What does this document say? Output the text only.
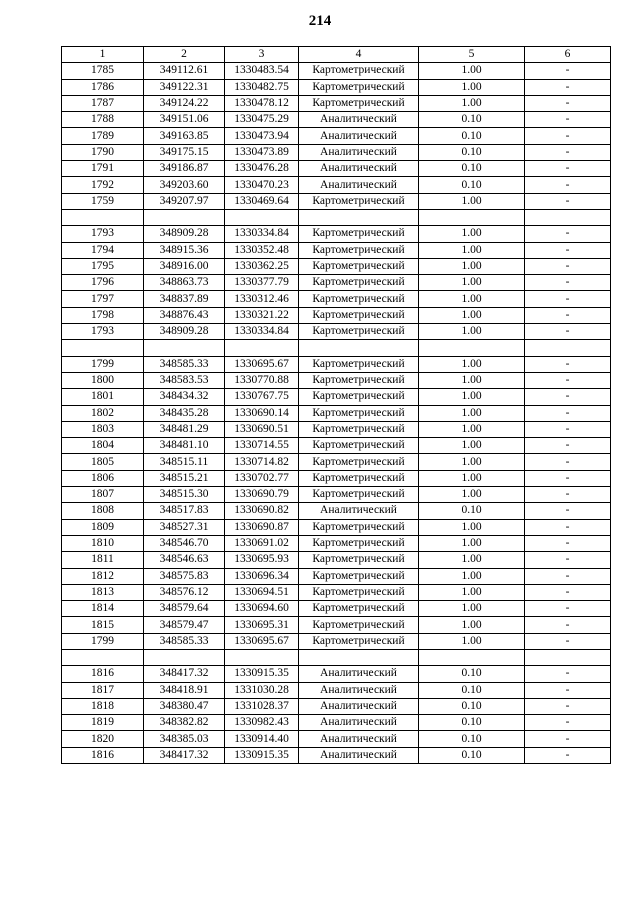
214
1	2	3	4	5	6
1785	349112.61	1330483.54	Картометрический	1.00	-
1786	349122.31	1330482.75	Картометрический	1.00	-
1787	349124.22	1330478.12	Картометрический	1.00	-
1788	349151.06	1330475.29	Аналитический	0.10	-
1789	349163.85	1330473.94	Аналитический	0.10	-
1790	349175.15	1330473.89	Аналитический	0.10	-
1791	349186.87	1330476.28	Аналитический	0.10	-
1792	349203.60	1330470.23	Аналитический	0.10	-
1759	349207.97	1330469.64	Картометрический	1.00	-

1793	348909.28	1330334.84	Картометрический	1.00	-
1794	348915.36	1330352.48	Картометрический	1.00	-
1795	348916.00	1330362.25	Картометрический	1.00	-
1796	348863.73	1330377.79	Картометрический	1.00	-
1797	348837.89	1330312.46	Картометрический	1.00	-
1798	348876.43	1330321.22	Картометрический	1.00	-
1793	348909.28	1330334.84	Картометрический	1.00	-

1799	348585.33	1330695.67	Картометрический	1.00	-
1800	348583.53	1330770.88	Картометрический	1.00	-
1801	348434.32	1330767.75	Картометрический	1.00	-
1802	348435.28	1330690.14	Картометрический	1.00	-
1803	348481.29	1330690.51	Картометрический	1.00	-
1804	348481.10	1330714.55	Картометрический	1.00	-
1805	348515.11	1330714.82	Картометрический	1.00	-
1806	348515.21	1330702.77	Картометрический	1.00	-
1807	348515.30	1330690.79	Картометрический	1.00	-
1808	348517.83	1330690.82	Аналитический	0.10	-
1809	348527.31	1330690.87	Картометрический	1.00	-
1810	348546.70	1330691.02	Картометрический	1.00	-
1811	348546.63	1330695.93	Картометрический	1.00	-
1812	348575.83	1330696.34	Картометрический	1.00	-
1813	348576.12	1330694.51	Картометрический	1.00	-
1814	348579.64	1330694.60	Картометрический	1.00	-
1815	348579.47	1330695.31	Картометрический	1.00	-
1799	348585.33	1330695.67	Картометрический	1.00	-

1816	348417.32	1330915.35	Аналитический	0.10	-
1817	348418.91	1331030.28	Аналитический	0.10	-
1818	348380.47	1331028.37	Аналитический	0.10	-
1819	348382.82	1330982.43	Аналитический	0.10	-
1820	348385.03	1330914.40	Аналитический	0.10	-
1816	348417.32	1330915.35	Аналитический	0.10	-
